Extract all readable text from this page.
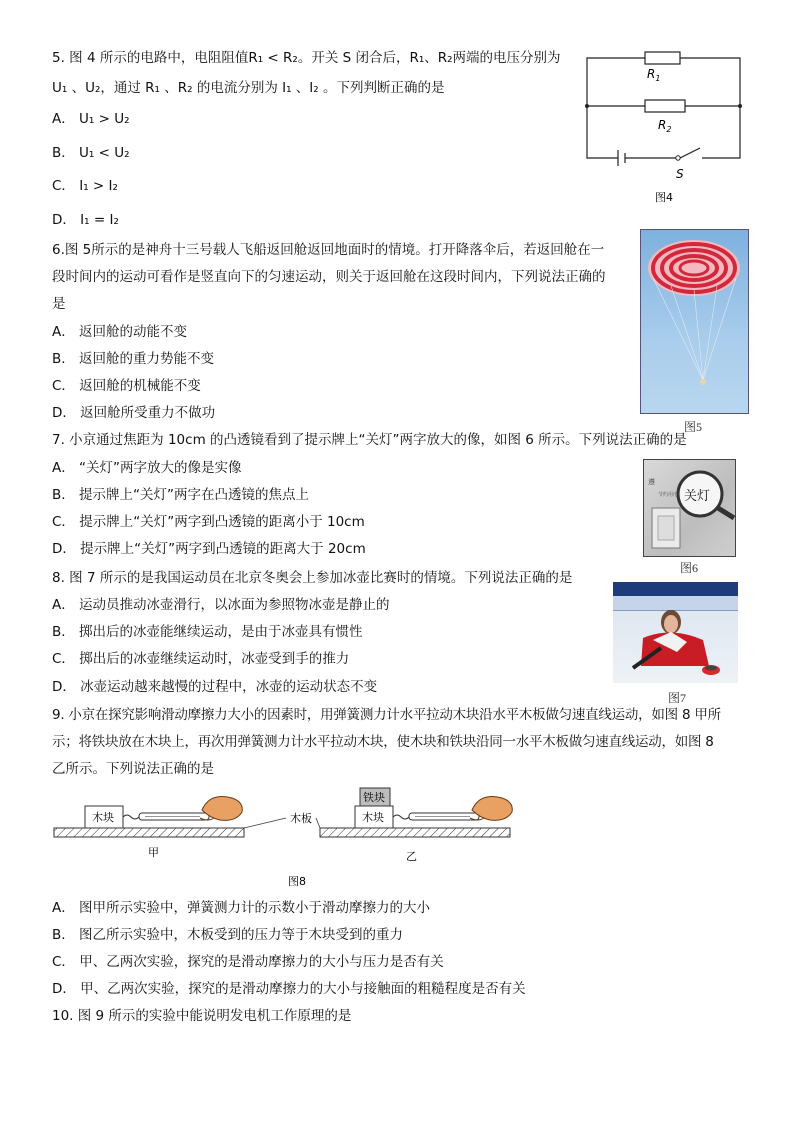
5. 图 4 所示的电路中，电阻阻值R₁ < R₂。开关 S 闭合后，R₁、R₂两端的电压分别为
U₁ 、U₂，通过 R₁ 、R₂ 的电流分别为 I₁ 、I₂ 。下列判断正确的是
A． U₁ > U₂
B． U₁ < U₂
C． I₁ > I₂
D． I₁ = I₂
$R_1$
$R_2$
S
图4
6.图 5所示的是神舟十三号载人飞船返回舱返回地面时的情境。打开降落伞后，若返回舱在一
段时间内的运动可看作是竖直向下的匀速运动，则关于返回舱在这段时间内，下列说法正确的
是
A． 返回舱的动能不变
B． 返回舱的重力势能不变
C． 返回舱的机械能不变
D． 返回舱所受重力不做功
图5
7. 小京通过焦距为 10cm 的凸透镜看到了提示牌上“关灯”两字放大的像，如图 6 所示。下列说法正确的是
A． “关灯”两字放大的像是实像
B． 提示牌上“关灯”两字在凸透镜的焦点上
C． 提示牌上“关灯”两字到凸透镜的距离小于 10cm
D． 提示牌上“关灯”两字到凸透镜的距离大于 20cm
遵
节约用电 关灯
图6
8. 图 7 所示的是我国运动员在北京冬奥会上参加冰壶比赛时的情境。下列说法正确的是
A． 运动员推动冰壶滑行，以冰面为参照物冰壶是静止的
B． 掷出后的冰壶能继续运动，是由于冰壶具有惯性
C． 掷出后的冰壶继续运动时，冰壶受到手的推力
D． 冰壶运动越来越慢的过程中，冰壶的运动状态不变
图7
9. 小京在探究影响滑动摩擦力大小的因素时，用弹簧测力计水平拉动木块沿水平木板做匀速直线运动，如图 8 甲所
示；将铁块放在木块上，再次用弹簧测力计水平拉动木块，使木块和铁块沿同一水平木板做匀速直线运动，如图 8
乙所示。下列说法正确的是
木块	木板	木块
铁块
甲	乙
图8
A． 图甲所示实验中，弹簧测力计的示数小于滑动摩擦力的大小
B． 图乙所示实验中，木板受到的压力等于木块受到的重力
C． 甲、乙两次实验，探究的是滑动摩擦力的大小与压力是否有关
D． 甲、乙两次实验，探究的是滑动摩擦力的大小与接触面的粗糙程度是否有关
10. 图 9 所示的实验中能说明发电机工作原理的是
